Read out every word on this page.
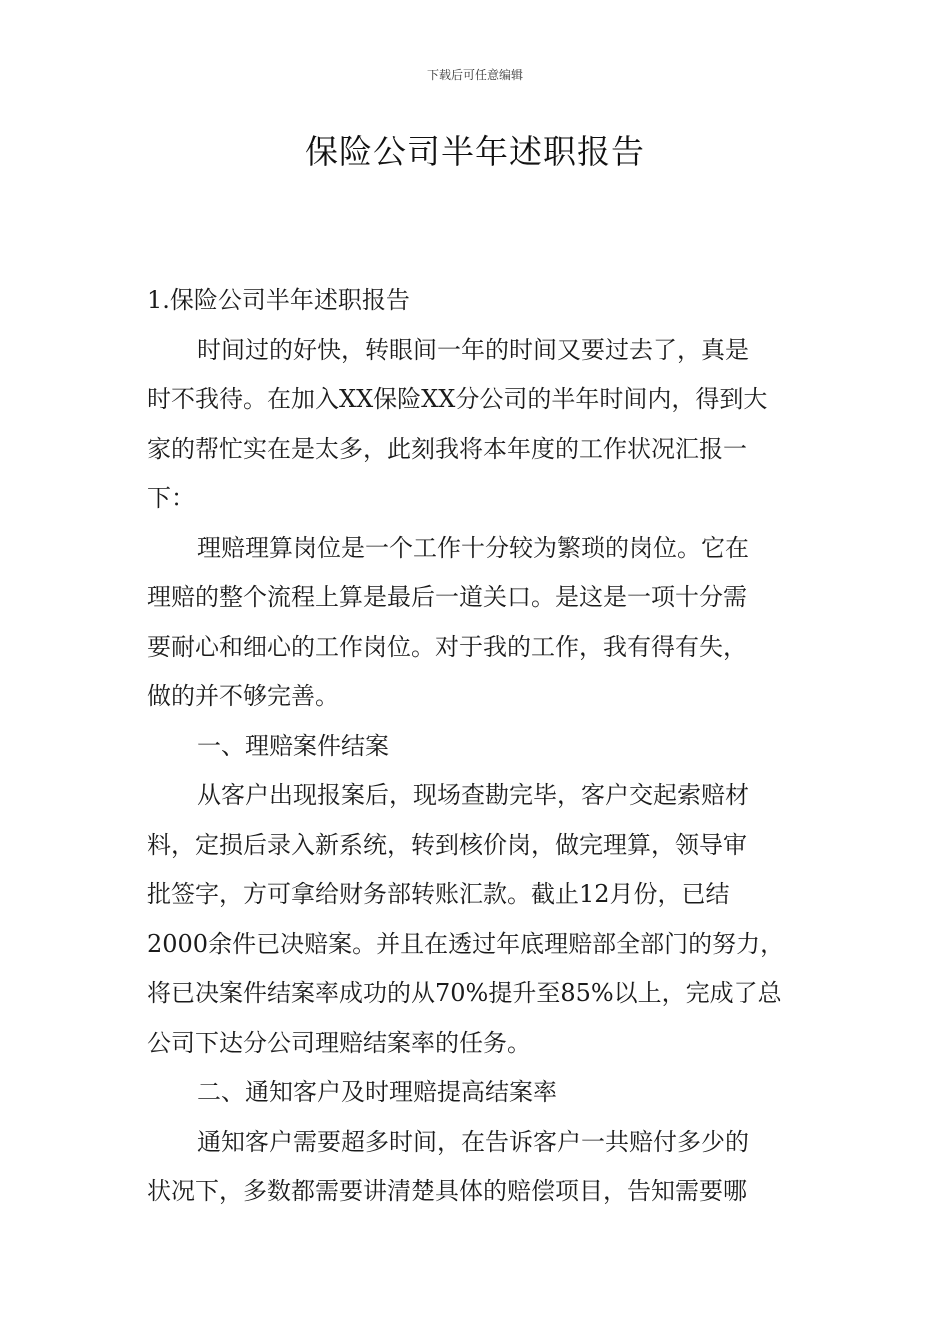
下载后可任意编辑
保险公司半年述职报告
1.保险公司半年述职报告
时间过的好快，转眼间一年的时间又要过去了，真是
时不我待。在加入XX保险XX分公司的半年时间内，得到大
家的帮忙实在是太多，此刻我将本年度的工作状况汇报一
下：
理赔理算岗位是一个工作十分较为繁琐的岗位。它在
理赔的整个流程上算是最后一道关口。是这是一项十分需
要耐心和细心的工作岗位。对于我的工作，我有得有失，
做的并不够完善。
一、理赔案件结案
从客户出现报案后，现场查勘完毕，客户交起索赔材
料，定损后录入新系统，转到核价岗，做完理算，领导审
批签字，方可拿给财务部转账汇款。截止12月份，已结
2000余件已决赔案。并且在透过年底理赔部全部门的努力，
将已决案件结案率成功的从70%提升至85%以上，完成了总
公司下达分公司理赔结案率的任务。
二、通知客户及时理赔提高结案率
通知客户需要超多时间，在告诉客户一共赔付多少的
状况下，多数都需要讲清楚具体的赔偿项目，告知需要哪
